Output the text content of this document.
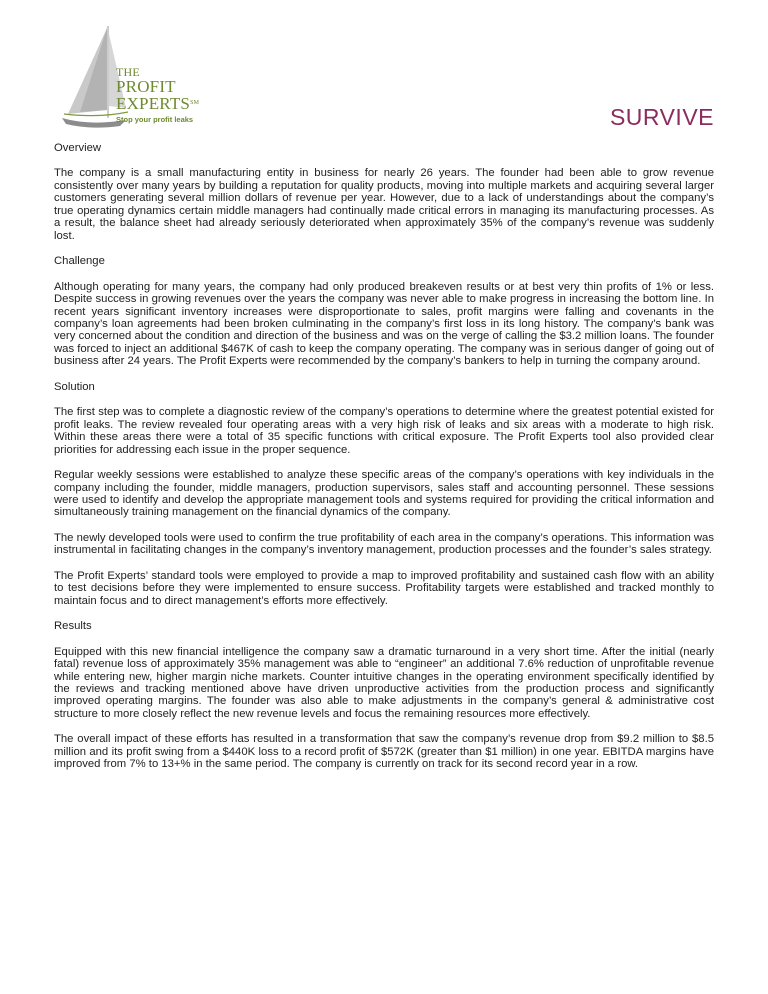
THE
PROFIT
EXPERTS℠
Stop your profit leaks	SURVIVE
Overview

The company is a small manufacturing entity in business for nearly 26 years. The founder had been able to grow revenue consistently over many years by building a reputation for quality products, moving into multiple markets and acquiring several larger customers generating several million dollars of revenue per year. However, due to a lack of understandings about the company’s true operating dynamics certain middle managers had continually made critical errors in managing its manufacturing processes. As a result, the balance sheet had already seriously deteriorated when approximately 35% of the company’s revenue was suddenly lost.

Challenge

Although operating for many years, the company had only produced breakeven results or at best very thin profits of 1% or less. Despite success in growing revenues over the years the company was never able to make progress in increasing the bottom line. In recent years significant inventory increases were disproportionate to sales, profit margins were falling and covenants in the company’s loan agreements had been broken culminating in the company’s first loss in its long history. The company’s bank was very concerned about the condition and direction of the business and was on the verge of calling the $3.2 million loans. The founder was forced to inject an additional $467K of cash to keep the company operating. The company was in serious danger of going out of business after 24 years. The Profit Experts were recommended by the company’s bankers to help in turning the company around.

Solution

The first step was to complete a diagnostic review of the company’s operations to determine where the greatest potential existed for profit leaks. The review revealed four operating areas with a very high risk of leaks and six areas with a moderate to high risk. Within these areas there were a total of 35 specific functions with critical exposure. The Profit Experts tool also provided clear priorities for addressing each issue in the proper sequence.

Regular weekly sessions were established to analyze these specific areas of the company’s operations with key individuals in the company including the founder, middle managers, production supervisors, sales staff and accounting personnel. These sessions were used to identify and develop the appropriate management tools and systems required for providing the critical information and simultaneously training management on the financial dynamics of the company.

The newly developed tools were used to confirm the true profitability of each area in the company’s operations. This information was instrumental in facilitating changes in the company’s inventory management, production processes and the founder’s sales strategy.

The Profit Experts’ standard tools were employed to provide a map to improved profitability and sustained cash flow with an ability to test decisions before they were implemented to ensure success. Profitability targets were established and tracked monthly to maintain focus and to direct management’s efforts more effectively.

Results

Equipped with this new financial intelligence the company saw a dramatic turnaround in a very short time. After the initial (nearly fatal) revenue loss of approximately 35% management was able to “engineer” an additional 7.6% reduction of unprofitable revenue while entering new, higher margin niche markets. Counter intuitive changes in the operating environment specifically identified by the reviews and tracking mentioned above have driven unproductive activities from the production process and significantly improved operating margins. The founder was also able to make adjustments in the company’s general & administrative cost structure to more closely reflect the new revenue levels and focus the remaining resources more effectively.

The overall impact of these efforts has resulted in a transformation that saw the company’s revenue drop from $9.2 million to $8.5 million and its profit swing from a $440K loss to a record profit of $572K (greater than $1 million) in one year. EBITDA margins have improved from 7% to 13+% in the same period. The company is currently on track for its second record year in a row.
